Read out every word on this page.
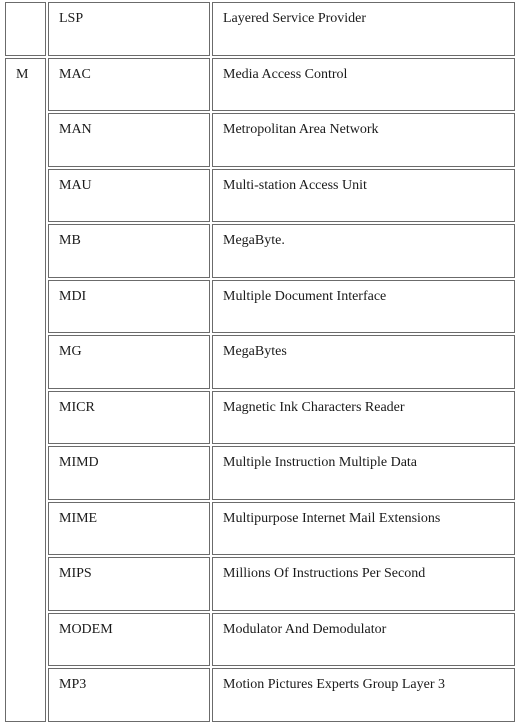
	LSP	Layered Service Provider
M	MAC	Media Access Control
	MAN	Metropolitan Area Network
	MAU	Multi-station Access Unit
	MB	MegaByte.
	MDI	Multiple Document Interface
	MG	MegaBytes
	MICR	Magnetic Ink Characters Reader
	MIMD	Multiple Instruction Multiple Data
	MIME	Multipurpose Internet Mail Extensions
	MIPS	Millions Of Instructions Per Second
	MODEM	Modulator And Demodulator
	MP3	Motion Pictures Experts Group Layer 3
